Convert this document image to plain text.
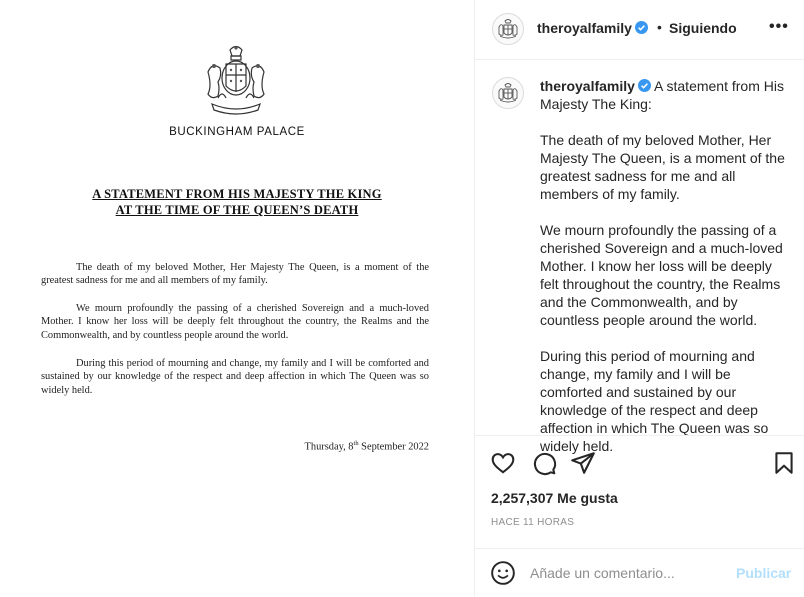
BUCKINGHAM PALACE
A STATEMENT FROM HIS MAJESTY THE KING
AT THE TIME OF THE QUEEN’S DEATH

The death of my beloved Mother, Her Majesty The Queen, is a moment of the greatest sadness for me and all members of my family.

We mourn profoundly the passing of a cherished Sovereign and a much-loved Mother. I know her loss will be deeply felt throughout the country, the Realms and the Commonwealth, and by countless people around the world.

During this period of mourning and change, my family and I will be comforted and sustained by our knowledge of the respect and deep affection in which The Queen was so widely held.

Thursday, 8th September 2022
theroyalfamily	• Siguiendo •••

theroyalfamily A statement from His Majesty The King:

The death of my beloved Mother, Her Majesty The Queen, is a moment of the greatest sadness for me and all members of my family.

We mourn profoundly the passing of a cherished Sovereign and a much-loved Mother. I know her loss will be deeply felt throughout the country, the Realms and the Commonwealth, and by countless people around the world.

During this period of mourning and change, my family and I will be comforted and sustained by our knowledge of the respect and deep affection in which The Queen was so widely held.

2,257,307 Me gusta
HACE 11 HORAS
Añade un comentario...
Publicar
